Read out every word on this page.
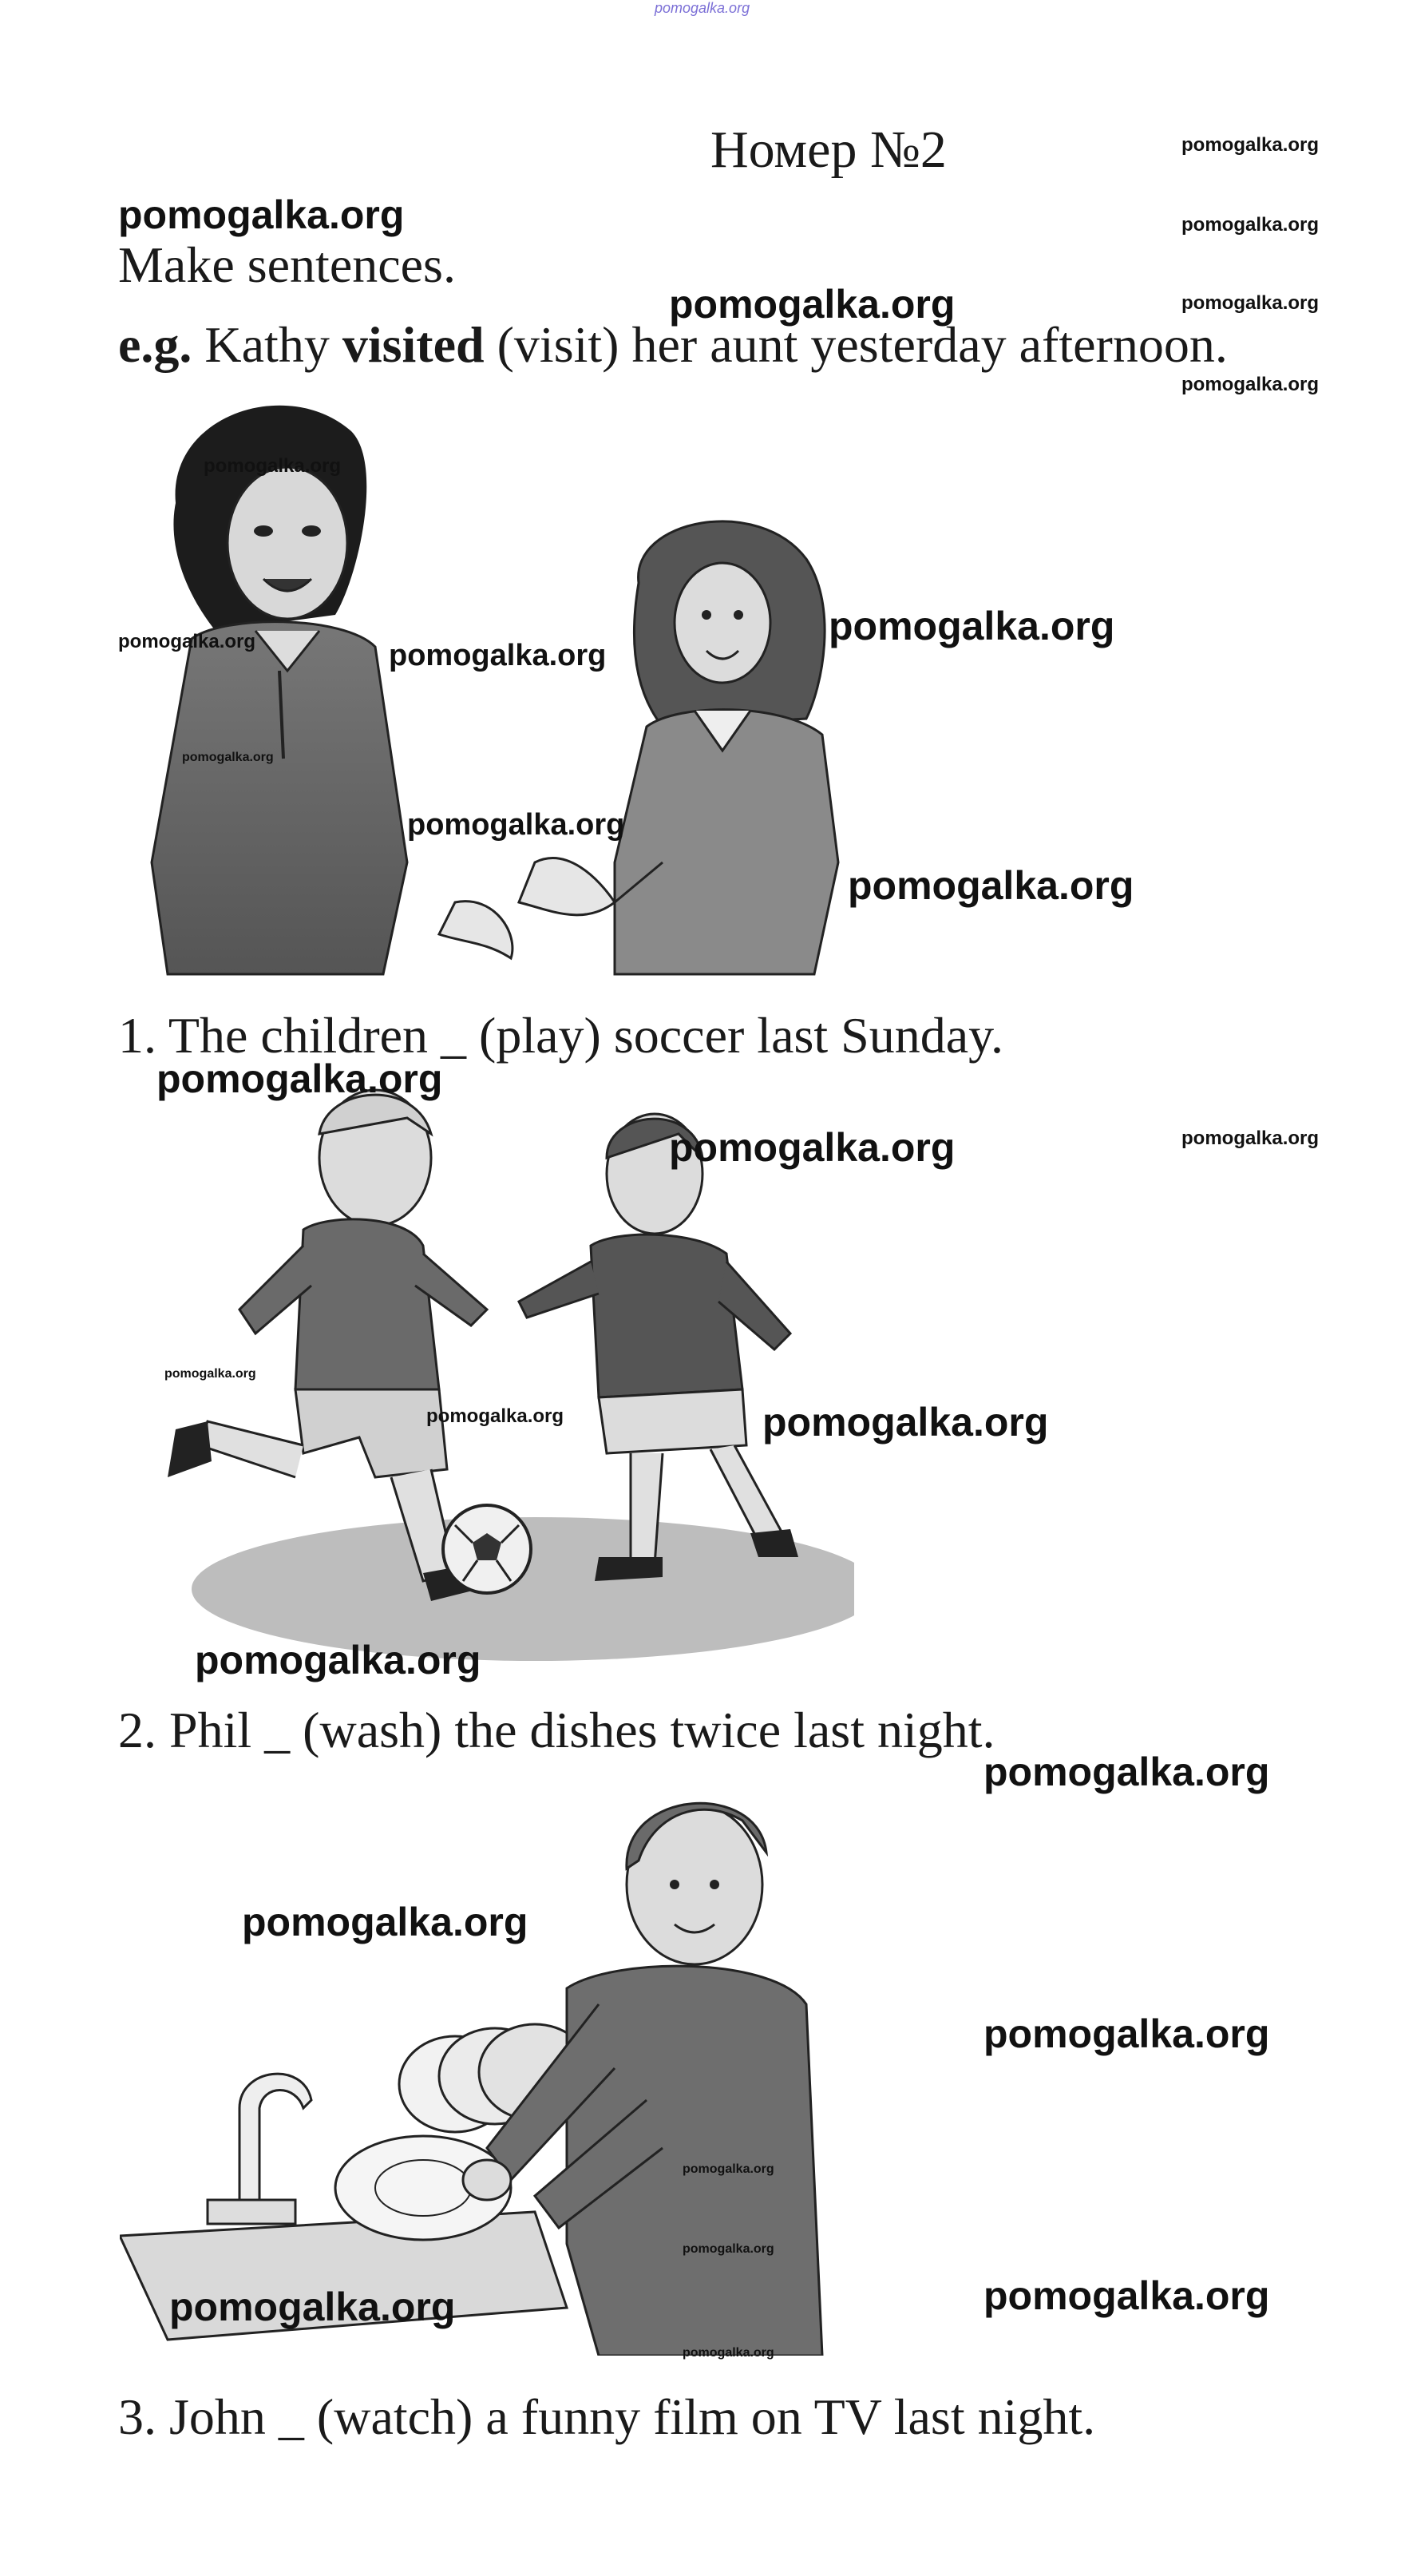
pomogalka.org
Номер №2
Make sentences.
e.g. Kathy visited (visit) her aunt yesterday afternoon.
1. The children _ (play) soccer last Sunday.
2. Phil _ (wash) the dishes twice last night.
3. John _ (watch) a funny film on TV last night.
pomogalka.org
pomogalka.org	pomogalka.org
pomogalka.org	pomogalka.org
pomogalka.org
pomogalka.org
pomogalka.org
pomogalka.org	pomogalka.org
pomogalka.org
pomogalka.org
pomogalka.org
pomogalka.org
pomogalka.org	pomogalka.org
pomogalka.org
pomogalka.org	pomogalka.org
pomogalka.org
pomogalka.org
pomogalka.org
pomogalka.org
pomogalka.org
pomogalka.org
pomogalka.org	pomogalka.org
pomogalka.org
